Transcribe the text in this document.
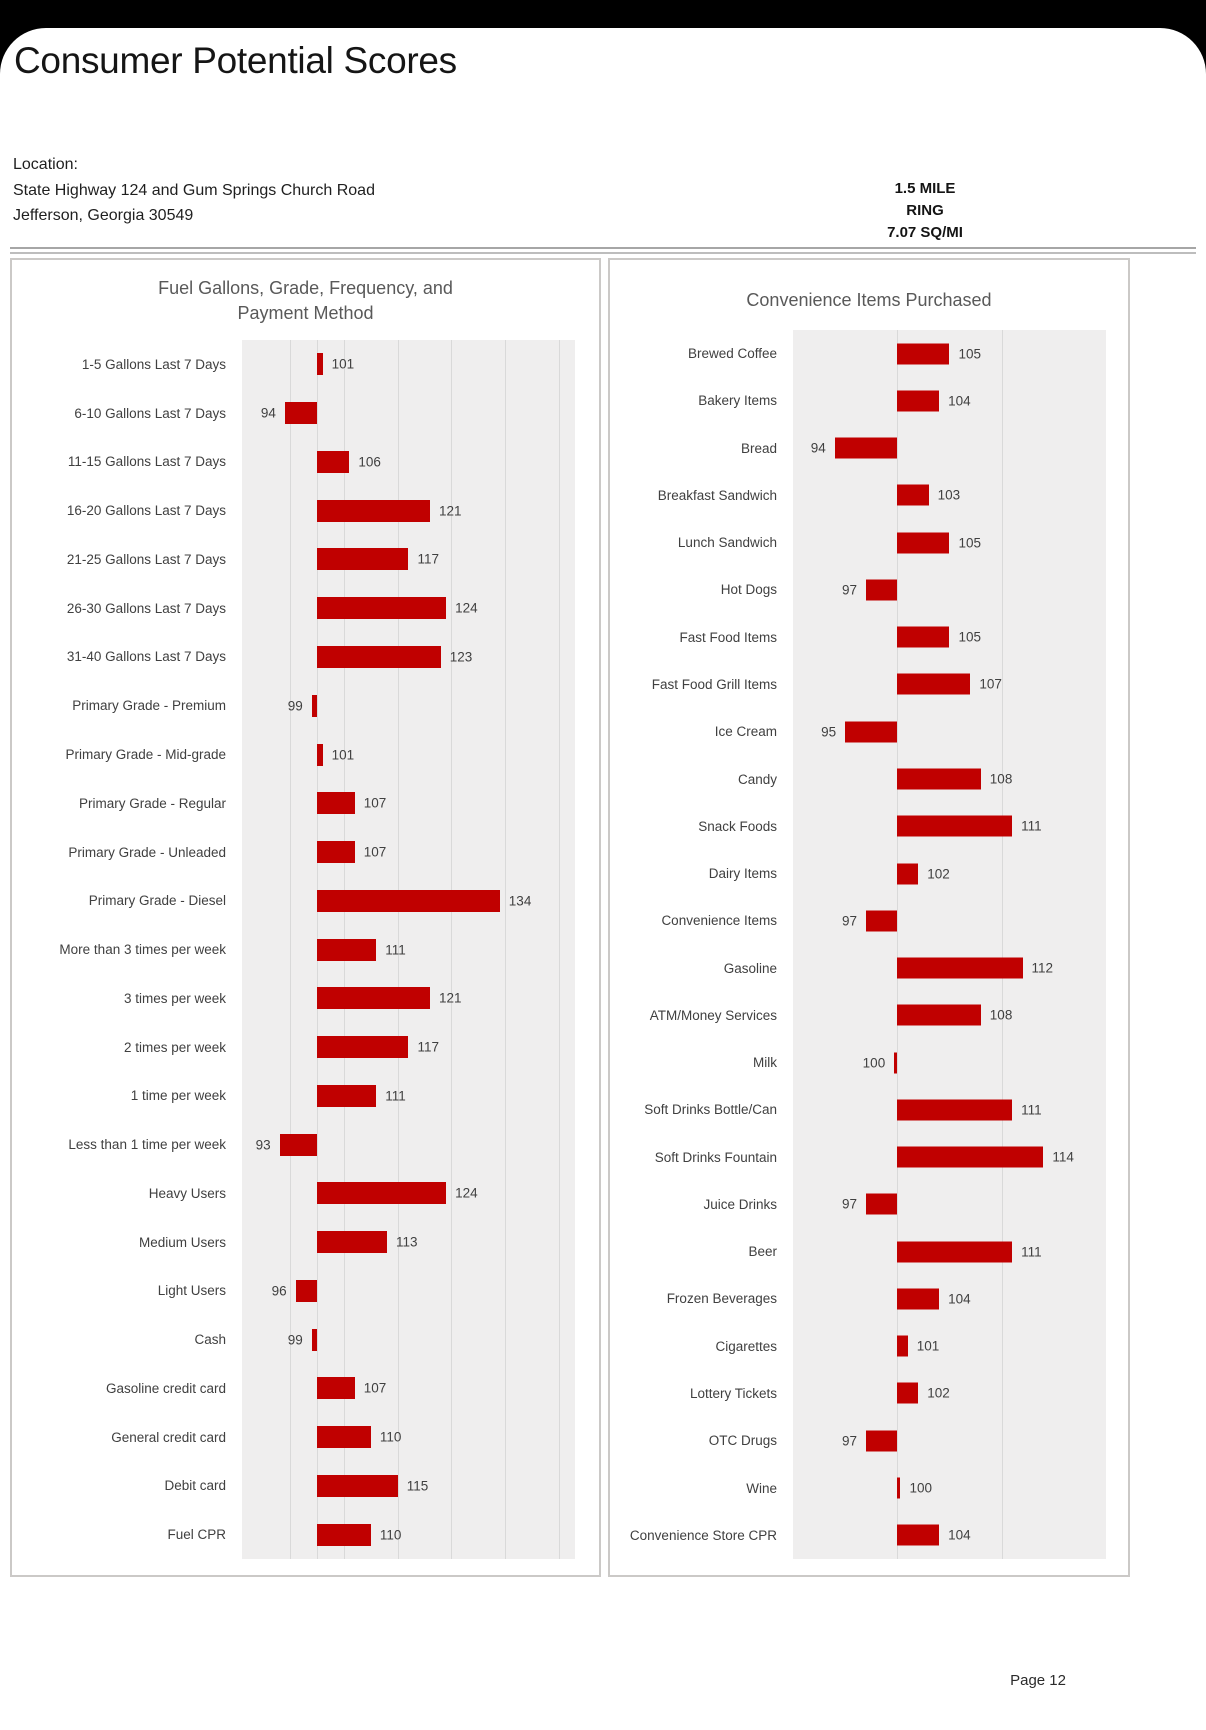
Consumer Potential Scores
Location:
State Highway 124 and Gum Springs Church Road
Jefferson, Georgia 30549
1.5 MILE
RING
7.07 SQ/MI
Fuel Gallons, Grade, Frequency, and
Payment Method
1-5 Gallons Last 7 Days	101
6-10 Gallons Last 7 Days	94
11-15 Gallons Last 7 Days	106
16-20 Gallons Last 7 Days	121
21-25 Gallons Last 7 Days	117
26-30 Gallons Last 7 Days	124
31-40 Gallons Last 7 Days	123
Primary Grade - Premium	99
Primary Grade - Mid-grade	101
Primary Grade - Regular	107
Primary Grade - Unleaded	107
Primary Grade - Diesel	134
More than 3 times per week	111
3 times per week	121
2 times per week	117
1 time per week	111
Less than 1 time per week	93
Heavy Users	124
Medium Users	113
Light Users	96
Cash	99
Gasoline credit card	107
General credit card	110
Debit card	115
Fuel CPR	110
Convenience Items Purchased
Brewed Coffee	105
Bakery Items	104
Bread	94
Breakfast Sandwich	103
Lunch Sandwich	105
Hot Dogs	97
Fast Food Items	105
Fast Food Grill Items	107
Ice Cream	95
Candy	108
Snack Foods	111
Dairy Items	102
Convenience Items	97
Gasoline	112
ATM/Money Services	108
Milk	100
Soft Drinks Bottle/Can	111
Soft Drinks Fountain	114
Juice Drinks	97
Beer	111
Frozen Beverages	104
Cigarettes	101
Lottery Tickets	102
OTC Drugs	97
Wine	100
Convenience Store CPR	104
Page 12
